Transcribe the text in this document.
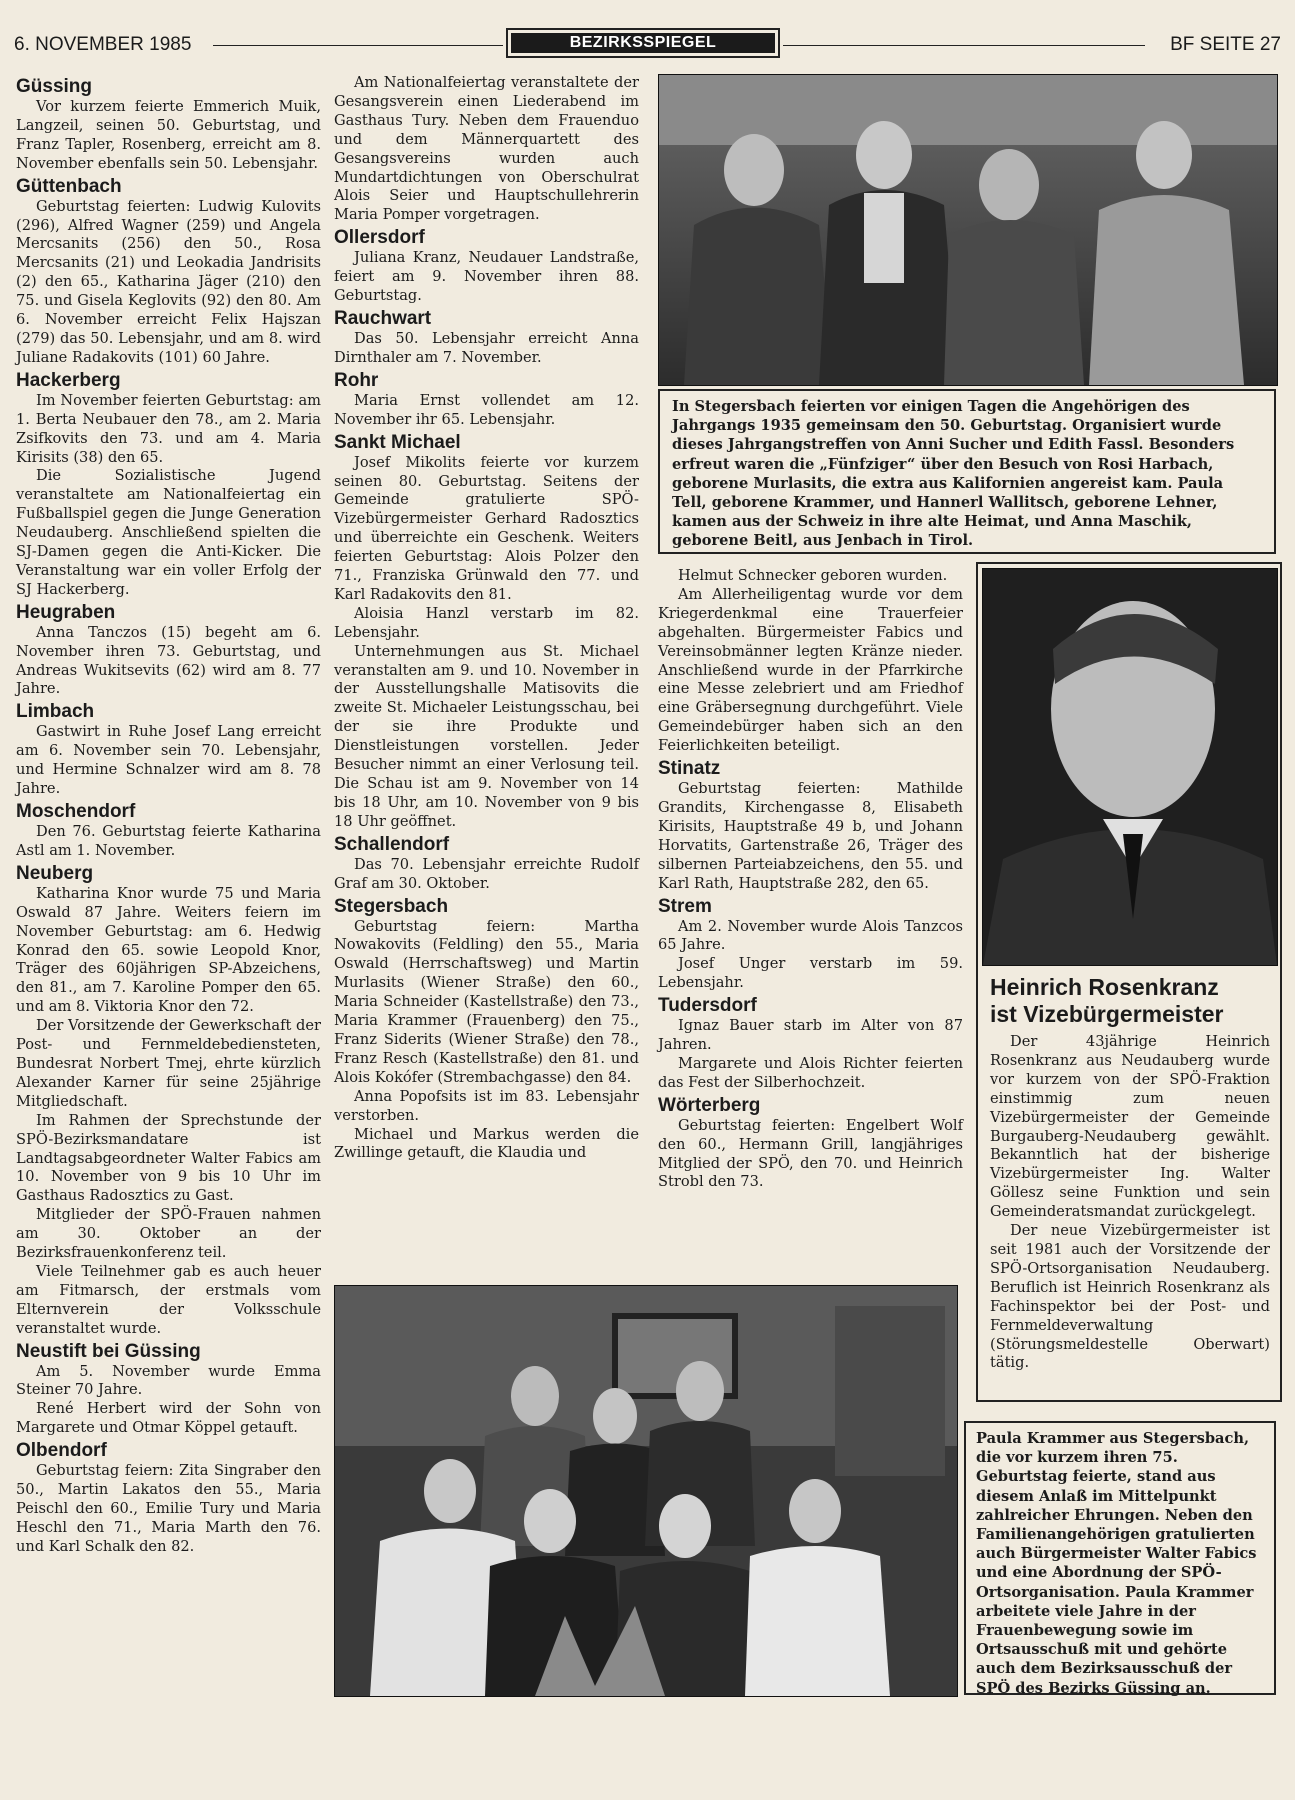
6. NOVEMBER 1985	BEZIRKSSPIEGEL	BF SEITE 27
Güssing

Vor kurzem feierte Emmerich Muik, Langzeil, seinen 50. Geburtstag, und Franz Tapler, Rosenberg, erreicht am 8. November ebenfalls sein 50. Lebensjahr.

Güttenbach

Geburtstag feierten: Ludwig Kulovits (296), Alfred Wagner (259) und Angela Mercsanits (256) den 50., Rosa Mercsanits (21) und Leokadia Jandrisits (2) den 65., Katharina Jäger (210) den 75. und Gisela Keglovits (92) den 80. Am 6. November erreicht Felix Hajszan (279) das 50. Lebensjahr, und am 8. wird Juliane Radakovits (101) 60 Jahre.

Hackerberg

Im November feierten Geburtstag: am 1. Berta Neubauer den 78., am 2. Maria Zsifkovits den 73. und am 4. Maria Kirisits (38) den 65.

Die Sozialistische Jugend veranstaltete am Nationalfeiertag ein Fußballspiel gegen die Junge Generation Neudauberg. Anschließend spielten die SJ-Damen gegen die Anti-Kicker. Die Veranstaltung war ein voller Erfolg der SJ Hackerberg.

Heugraben

Anna Tanczos (15) begeht am 6. November ihren 73. Geburtstag, und Andreas Wukitsevits (62) wird am 8. 77 Jahre.

Limbach

Gastwirt in Ruhe Josef Lang erreicht am 6. November sein 70. Lebensjahr, und Hermine Schnalzer wird am 8. 78 Jahre.

Moschendorf

Den 76. Geburtstag feierte Katharina Astl am 1. November.

Neuberg

Katharina Knor wurde 75 und Maria Oswald 87 Jahre. Weiters feiern im November Geburtstag: am 6. Hedwig Konrad den 65. sowie Leopold Knor, Träger des 60jährigen SP-Abzeichens, den 81., am 7. Karoline Pomper den 65. und am 8. Viktoria Knor den 72.

Der Vorsitzende der Gewerkschaft der Post- und Fernmeldebediensteten, Bundesrat Norbert Tmej, ehrte kürzlich Alexander Karner für seine 25jährige Mitgliedschaft.

Im Rahmen der Sprechstunde der SPÖ-Bezirksmandatare ist Landtagsabgeordneter Walter Fabics am 10. November von 9 bis 10 Uhr im Gasthaus Radosztics zu Gast.

Mitglieder der SPÖ-Frauen nahmen am 30. Oktober an der Bezirksfrauenkonferenz teil.

Viele Teilnehmer gab es auch heuer am Fitmarsch, der erstmals vom Elternverein der Volksschule veranstaltet wurde.

Neustift bei Güssing

Am 5. November wurde Emma Steiner 70 Jahre.

René Herbert wird der Sohn von Margarete und Otmar Köppel getauft.

Olbendorf

Geburtstag feiern: Zita Singraber den 50., Martin Lakatos den 55., Maria Peischl den 60., Emilie Tury und Maria Heschl den 71., Maria Marth den 76. und Karl Schalk den 82.

Am Nationalfeiertag veranstaltete der Gesangsverein einen Liederabend im Gasthaus Tury. Neben dem Frauenduo und dem Männerquartett des Gesangsvereins wurden auch Mundartdichtungen von Oberschulrat Alois Seier und Hauptschullehrerin Maria Pomper vorgetragen.

Ollersdorf

Juliana Kranz, Neudauer Landstraße, feiert am 9. November ihren 88. Geburtstag.

Rauchwart

Das 50. Lebensjahr erreicht Anna Dirnthaler am 7. November.

Rohr

Maria Ernst vollendet am 12. November ihr 65. Lebensjahr.

Sankt Michael

Josef Mikolits feierte vor kurzem seinen 80. Geburtstag. Seitens der Gemeinde gratulierte SPÖ-Vizebürgermeister Gerhard Radosztics und überreichte ein Geschenk. Weiters feierten Geburtstag: Alois Polzer den 71., Franziska Grünwald den 77. und Karl Radakovits den 81.

Aloisia Hanzl verstarb im 82. Lebensjahr.

Unternehmungen aus St. Michael veranstalten am 9. und 10. November in der Ausstellungshalle Matisovits die zweite St. Michaeler Leistungsschau, bei der sie ihre Produkte und Dienstleistungen vorstellen. Jeder Besucher nimmt an einer Verlosung teil. Die Schau ist am 9. November von 14 bis 18 Uhr, am 10. November von 9 bis 18 Uhr geöffnet.

Schallendorf

Das 70. Lebensjahr erreichte Rudolf Graf am 30. Oktober.

Stegersbach

Geburtstag feiern: Martha Nowakovits (Feldling) den 55., Maria Oswald (Herrschaftsweg) und Martin Murlasits (Wiener Straße) den 60., Maria Schneider (Kastellstraße) den 73., Maria Krammer (Frauenberg) den 75., Franz Siderits (Wiener Straße) den 78., Franz Resch (Kastellstraße) den 81. und Alois Kokófer (Strembachgasse) den 84.

Anna Popofsits ist im 83. Lebensjahr verstorben.

Michael und Markus werden die Zwillinge getauft, die Klaudia und

Helmut Schnecker geboren wurden.

Am Allerheiligentag wurde vor dem Kriegerdenkmal eine Trauerfeier abgehalten. Bürgermeister Fabics und Vereinsobmänner legten Kränze nieder. Anschließend wurde in der Pfarrkirche eine Messe zelebriert und am Friedhof eine Gräbersegnung durchgeführt. Viele Gemeindebürger haben sich an den Feierlichkeiten beteiligt.

Stinatz

Geburtstag feierten: Mathilde Grandits, Kirchengasse 8, Elisabeth Kirisits, Hauptstraße 49 b, und Johann Horvatits, Gartenstraße 26, Träger des silbernen Parteiabzeichens, den 55. und Karl Rath, Hauptstraße 282, den 65.

Strem

Am 2. November wurde Alois Tanzcos 65 Jahre.

Josef Unger verstarb im 59. Lebensjahr.

Tudersdorf

Ignaz Bauer starb im Alter von 87 Jahren.

Margarete und Alois Richter feierten das Fest der Silberhochzeit.

Wörterberg

Geburtstag feierten: Engelbert Wolf den 60., Hermann Grill, langjähriges Mitglied der SPÖ, den 70. und Heinrich Strobl den 73.

In Stegersbach feierten vor einigen Tagen die Angehörigen des Jahrgangs 1935 gemeinsam den 50. Geburtstag. Organisiert wurde dieses Jahrgangstreffen von Anni Sucher und Edith Fassl. Besonders erfreut waren die „Fünfziger“ über den Besuch von Rosi Harbach, geborene Murlasits, die extra aus Kalifornien angereist kam. Paula Tell, geborene Krammer, und Hannerl Wallitsch, geborene Lehner, kamen aus der Schweiz in ihre alte Heimat, und Anna Maschik, geborene Beitl, aus Jenbach in Tirol.
Heinrich Rosenkranz
ist Vizebürgermeister

Der 43jährige Heinrich Rosenkranz aus Neudauberg wurde vor kurzem von der SPÖ-Fraktion einstimmig zum neuen Vizebürgermeister der Gemeinde Burgauberg-Neudauberg gewählt. Bekanntlich hat der bisherige Vizebürgermeister Ing. Walter Göllesz seine Funktion und sein Gemeinderatsmandat zurückgelegt.

Der neue Vizebürgermeister ist seit 1981 auch der Vorsitzende der SPÖ-Ortsorganisation Neudauberg. Beruflich ist Heinrich Rosenkranz als Fachinspektor bei der Post- und Fernmeldeverwaltung (Störungsmeldestelle Oberwart) tätig.

Paula Krammer aus Stegersbach, die vor kurzem ihren 75. Geburtstag feierte, stand aus diesem Anlaß im Mittelpunkt zahlreicher Ehrungen. Neben den Familienangehörigen gratulierten auch Bürgermeister Walter Fabics und eine Abordnung der SPÖ-Ortsorganisation. Paula Krammer arbeitete viele Jahre in der Frauenbewegung sowie im Ortsausschuß mit und gehörte auch dem Bezirksausschuß der SPÖ des Bezirks Güssing an.
